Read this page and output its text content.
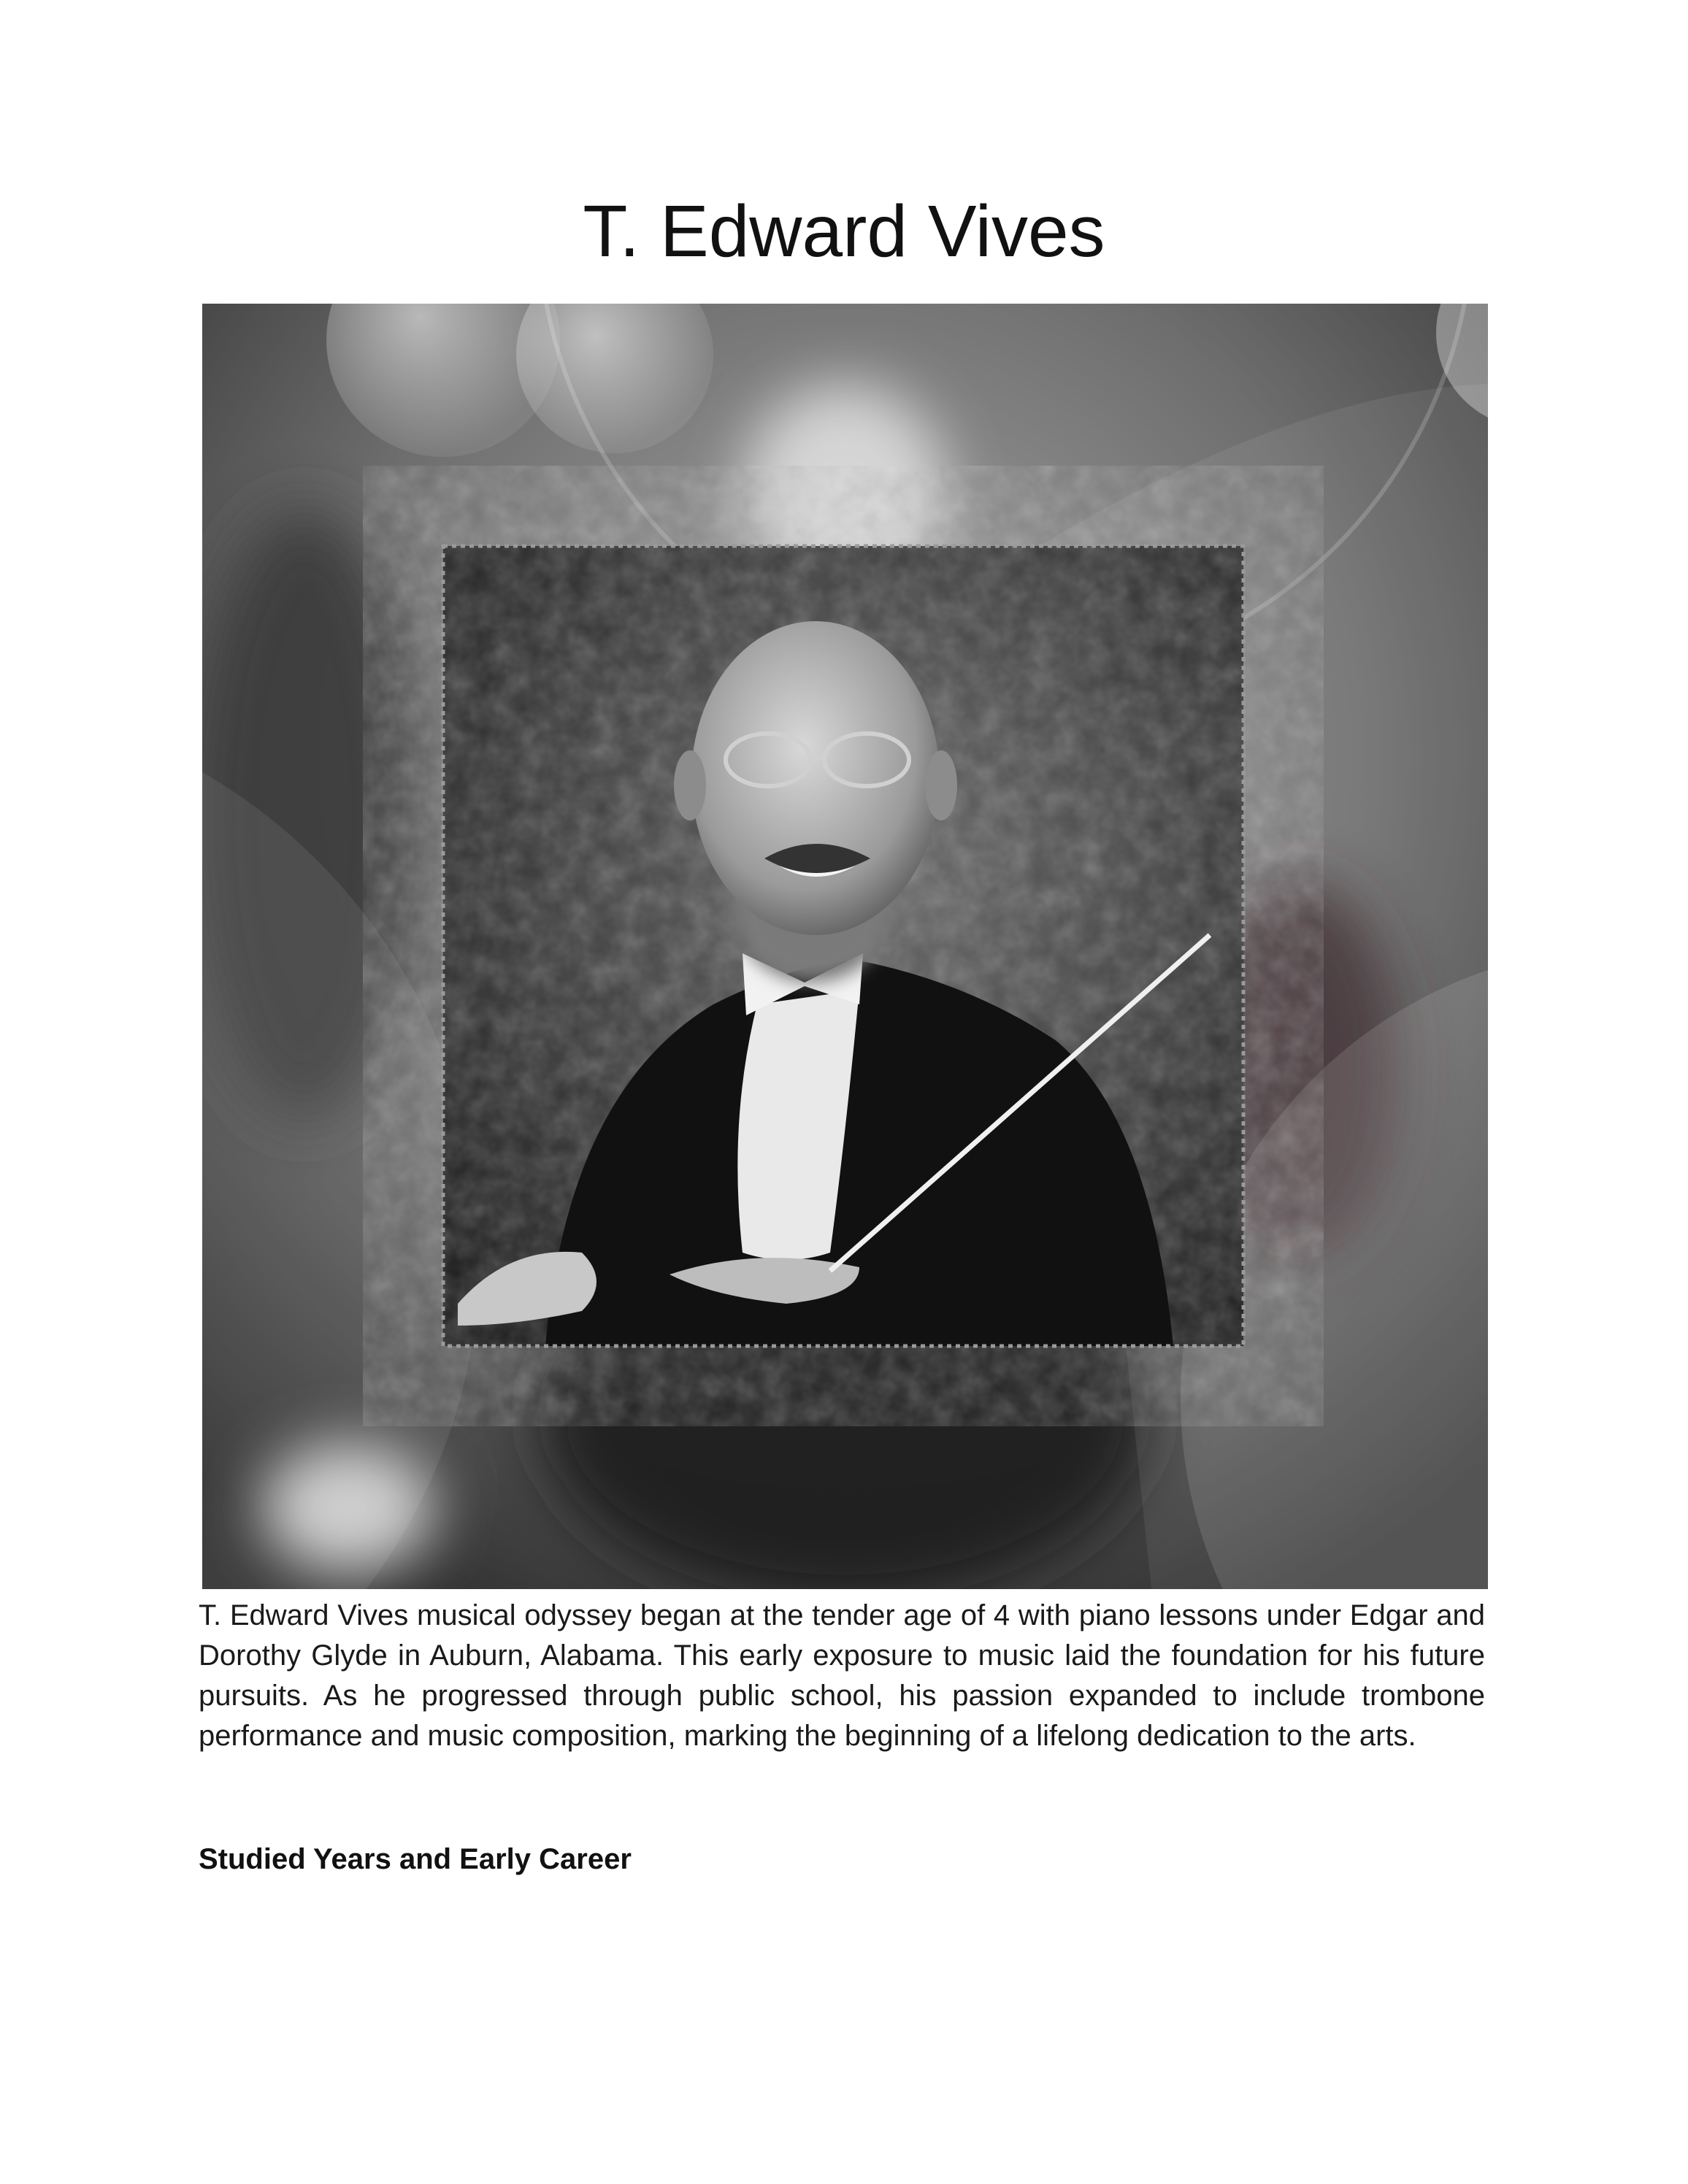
T. Edward Vives

T. Edward Vives musical odyssey began at the tender age of 4 with piano lessons under Edgar and Dorothy Glyde in Auburn, Alabama. This early exposure to music laid the foundation for his future pursuits. As he progressed through public school, his passion expanded to include trombone performance and music composition, marking the beginning of a lifelong dedication to the arts.

Studied Years and Early Career
